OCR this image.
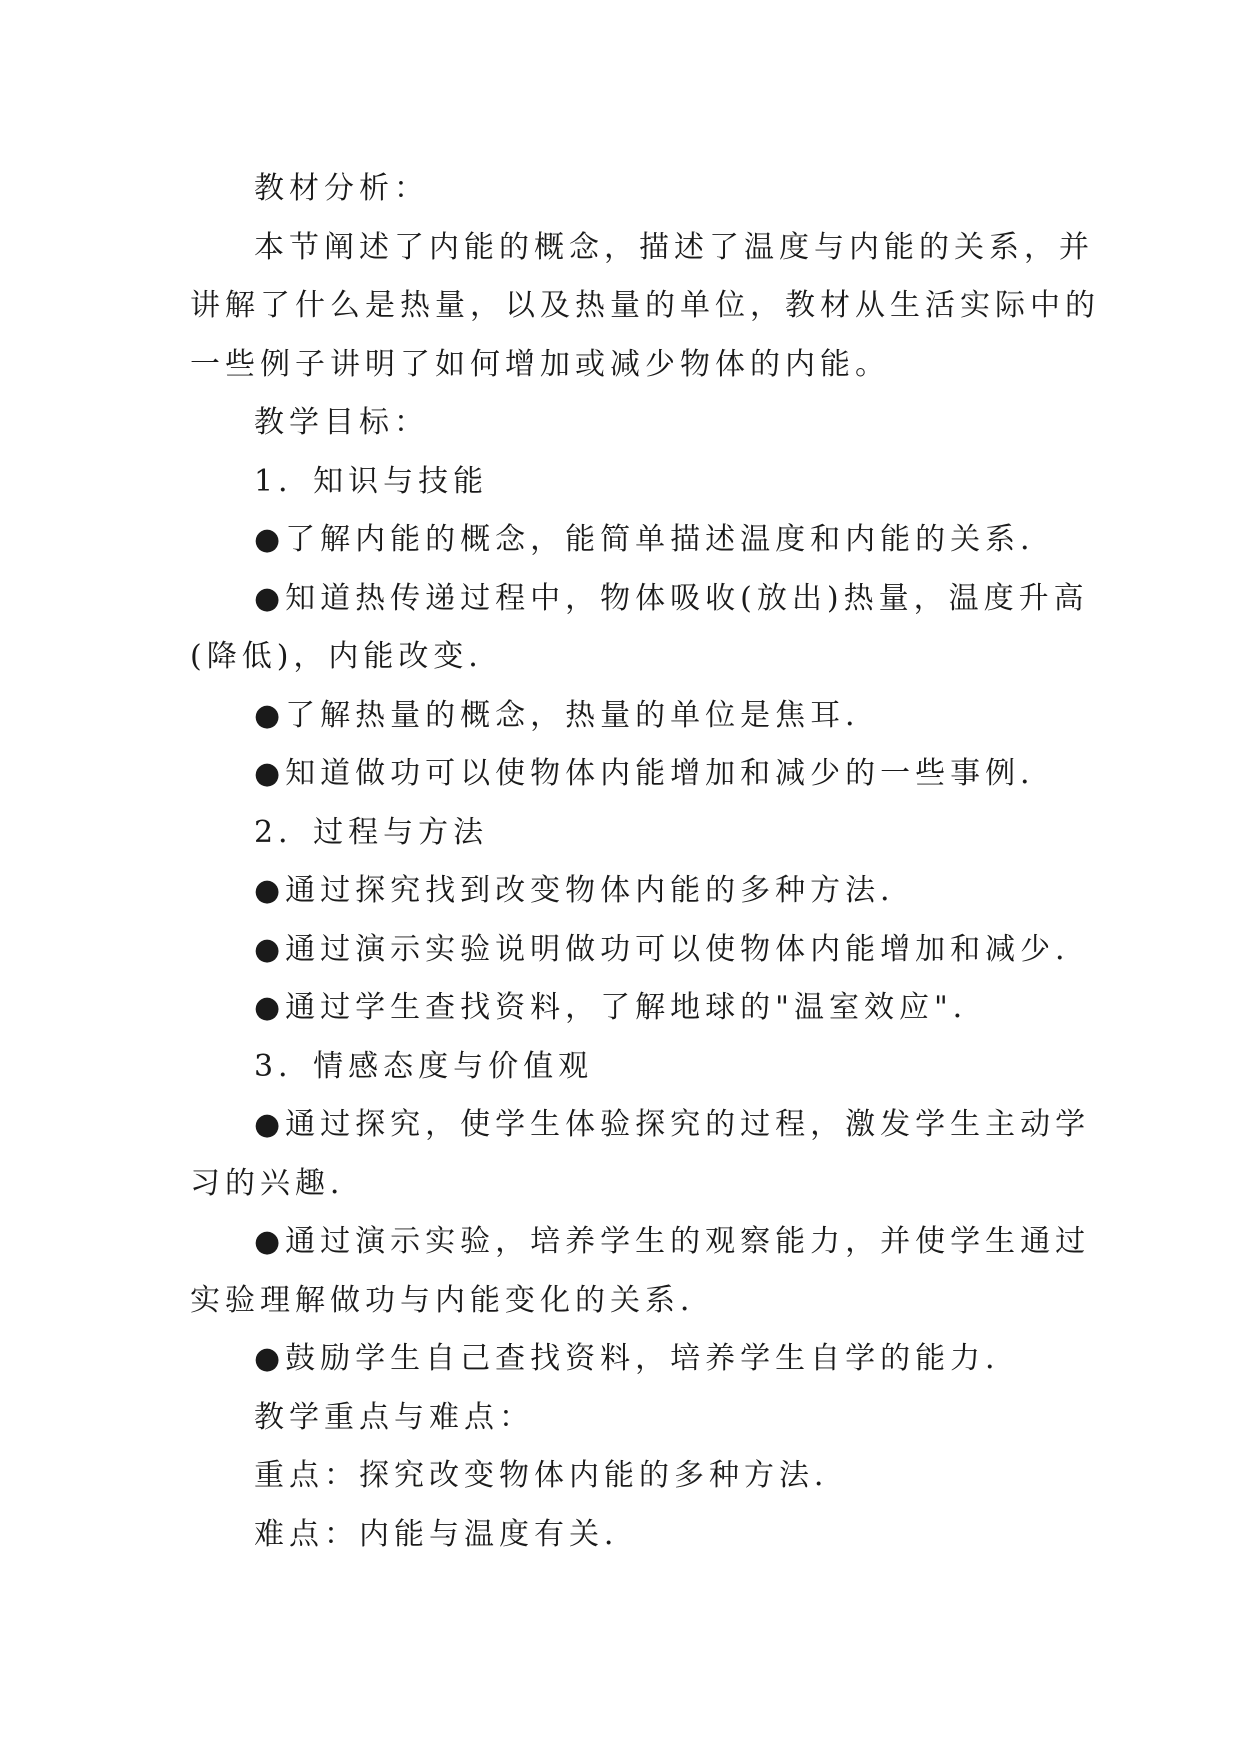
教材分析：
本节阐述了内能的概念，描述了温度与内能的关系，并
讲解了什么是热量，以及热量的单位，教材从生活实际中的
一些例子讲明了如何增加或减少物体的内能。
教学目标：
1．知识与技能
●了解内能的概念，能简单描述温度和内能的关系．
●知道热传递过程中，物体吸收(放出)热量，温度升高
(降低)，内能改变．
●了解热量的概念，热量的单位是焦耳．
●知道做功可以使物体内能增加和减少的一些事例．
2．过程与方法
●通过探究找到改变物体内能的多种方法．
●通过演示实验说明做功可以使物体内能增加和减少．
●通过学生查找资料，了解地球的"温室效应"．
3．情感态度与价值观
●通过探究，使学生体验探究的过程，激发学生主动学
习的兴趣．
●通过演示实验，培养学生的观察能力，并使学生通过
实验理解做功与内能变化的关系．
●鼓励学生自己查找资料，培养学生自学的能力．
教学重点与难点：
重点：探究改变物体内能的多种方法．
难点：内能与温度有关．
